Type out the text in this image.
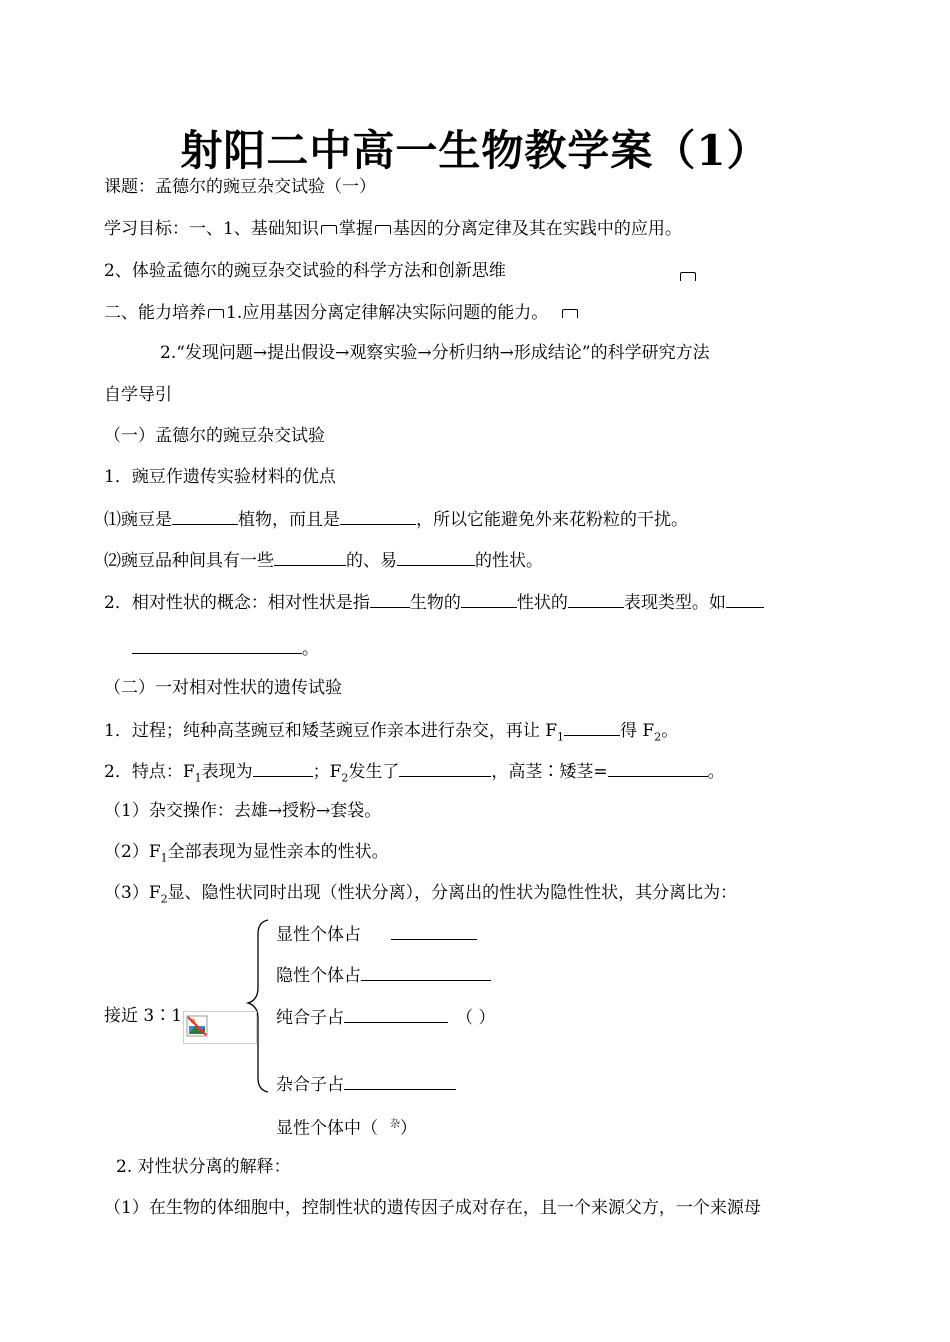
射阳二中高一生物教学案（1）
课题：孟德尔的豌豆杂交试验（一）
学习目标：一、1、基础知识 掌握 基因的分离定律及其在实践中的应用。
2、体验孟德尔的豌豆杂交试验的科学方法和创新思维
二、能力培养 1.应用基因分离定律解决实际问题的能力。
2.“发现问题→提出假设→观察实验→分析归纳→形成结论”的科学研究方法
自学导引
（一）孟德尔的豌豆杂交试验
1．豌豆作遗传实验材料的优点
⑴豌豆是	植物，而且是	，所以它能避免外来花粉粒的干扰。
⑵豌豆品种间具有一些	的、易	的性状。
2．相对性状的概念：相对性状是指 生物的	性状的	表现类型。如
。
（二）一对相对性状的遗传试验
1．过程；纯种高茎豌豆和矮茎豌豆作亲本进行杂交，再让 $F_1$	得 $F_2$。
2．特点：$F_1$表现为	；$F_2$发生了	，高茎∶矮茎=	。
（1）杂交操作：去雄→授粉→套袋。
$(2)F_1$全部表现为显性亲本的性状。
$(3)F_2$显、隐性状同时出现（性状分离），分离出的性状为隐性性状，其分离比为：
显性个体占
隐性个体占
纯合子占	（ ）
接近 3∶1
杂合子占
显性个体中（ $^杂$）
2. 对性状分离的解释：
（1）在生物的体细胞中，控制性状的遗传因子成对存在，且一个来源父方，一个来源母
